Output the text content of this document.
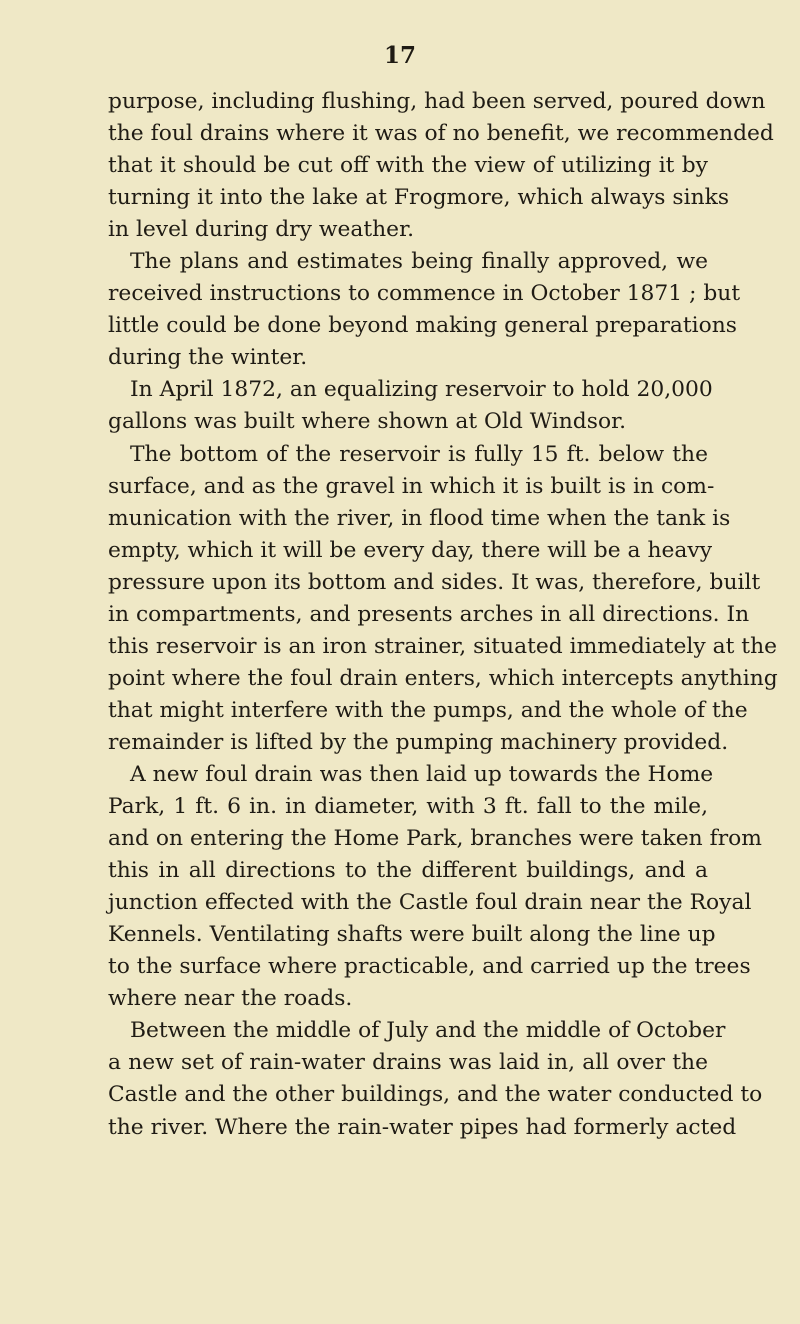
17
purpose, including flushing, had been served, poured down
the foul drains where it was of no benefit, we recommended
that it should be cut off with the view of utilizing it by
turning it into the lake at Frogmore, which always sinks
in level during dry weather.
The plans and estimates being finally approved, we
received instructions to commence in October 1871 ; but
little could be done beyond making general preparations
during the winter.
In April 1872, an equalizing reservoir to hold 20,000
gallons was built where shown at Old Windsor.
The bottom of the reservoir is fully 15 ft. below the
surface, and as the gravel in which it is built is in com-
munication with the river, in flood time when the tank is
empty, which it will be every day, there will be a heavy
pressure upon its bottom and sides. It was, therefore, built
in compartments, and presents arches in all directions. In
this reservoir is an iron strainer, situated immediately at the
point where the foul drain enters, which intercepts anything
that might interfere with the pumps, and the whole of the
remainder is lifted by the pumping machinery provided.
A new foul drain was then laid up towards the Home
Park, 1 ft. 6 in. in diameter, with 3 ft. fall to the mile,
and on entering the Home Park, branches were taken from
this in all directions to the different buildings, and a
junction effected with the Castle foul drain near the Royal
Kennels. Ventilating shafts were built along the line up
to the surface where practicable, and carried up the trees
where near the roads.
Between the middle of July and the middle of October
a new set of rain-water drains was laid in, all over the
Castle and the other buildings, and the water conducted to
the river. Where the rain-water pipes had formerly acted
